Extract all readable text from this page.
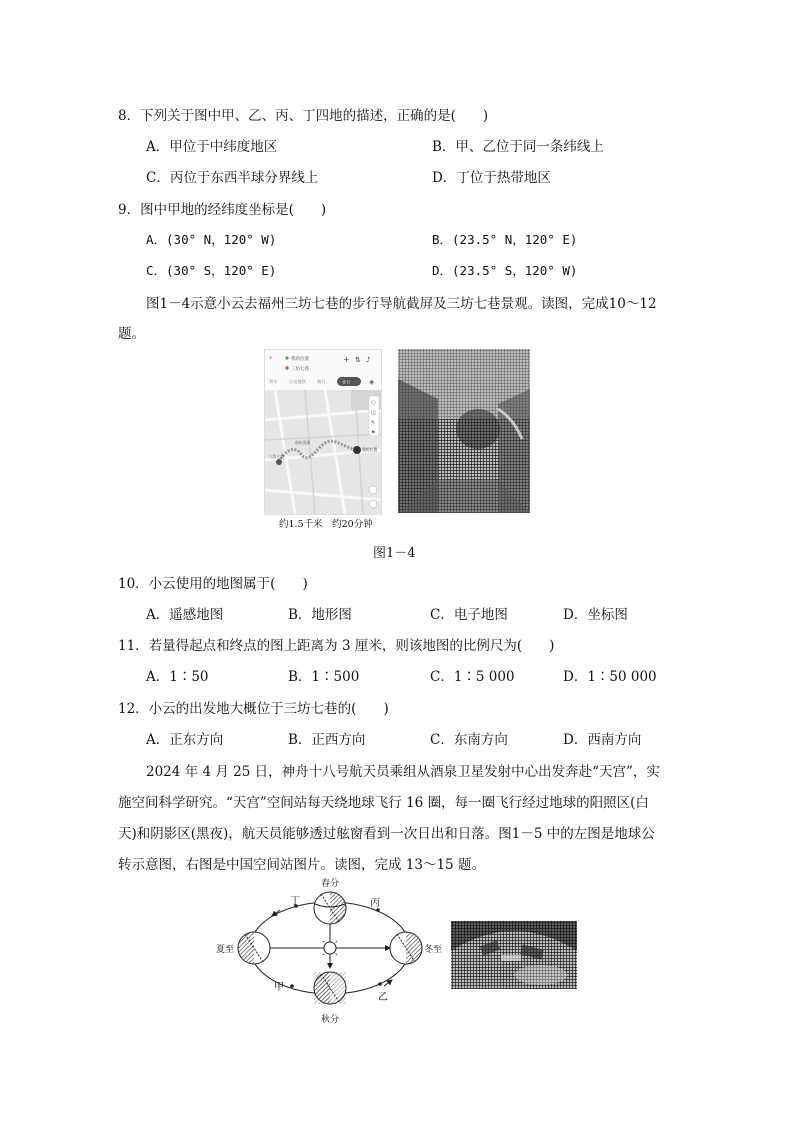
8．下列关于图中甲、乙、丙、丁四地的描述，正确的是(　　)
A．甲位于中纬度地区	B．甲、乙位于同一条纬线上
C．丙位于东西半球分界线上	D．丁位于热带地区
9．图中甲地的经纬度坐标是(　　)
A．(30° N，120° W)	B．(23.5° N，120° E)
C．(30° S，120° E)	D．(23.5° S，120° W)
图1－4示意小云去福州三坊七巷的步行导航截屏及三坊七巷景观。读图，完成10～12
题。
‹	我的位置
三坊七巷
+ ⇅ ♪
驾车	公交地铁	骑行	步行	◈
福州西湖
三坊七巷
我的位置
▢
◫
✎
⚑
约1.5千米　约20分钟
图1－4
10．小云使用的地图属于(　　)
A．遥感地图	B．地形图	C．电子地图	D．坐标图
11．若量得起点和终点的图上距离为 3 厘米，则该地图的比例尺为(　　)
A．1∶50	B．1∶500	C．1∶5 000	D．1∶50 000
12．小云的出发地大概位于三坊七巷的(　　)
A．正东方向	B．正西方向	C．东南方向	D．西南方向
2024 年 4 月 25 日，神舟十八号航天员乘组从酒泉卫星发射中心出发奔赴“天宫”，实
施空间科学研究。“天宫”空间站每天绕地球飞行 16 圈，每一圈飞行经过地球的阳照区(白
天)和阴影区(黑夜)，航天员能够透过舷窗看到一次日出和日落。图1－5 中的左图是地球公
转示意图，右图是中国空间站图片。读图，完成 13～15 题。
春分
夏至
秋分
冬至
丁	丙
甲
乙
